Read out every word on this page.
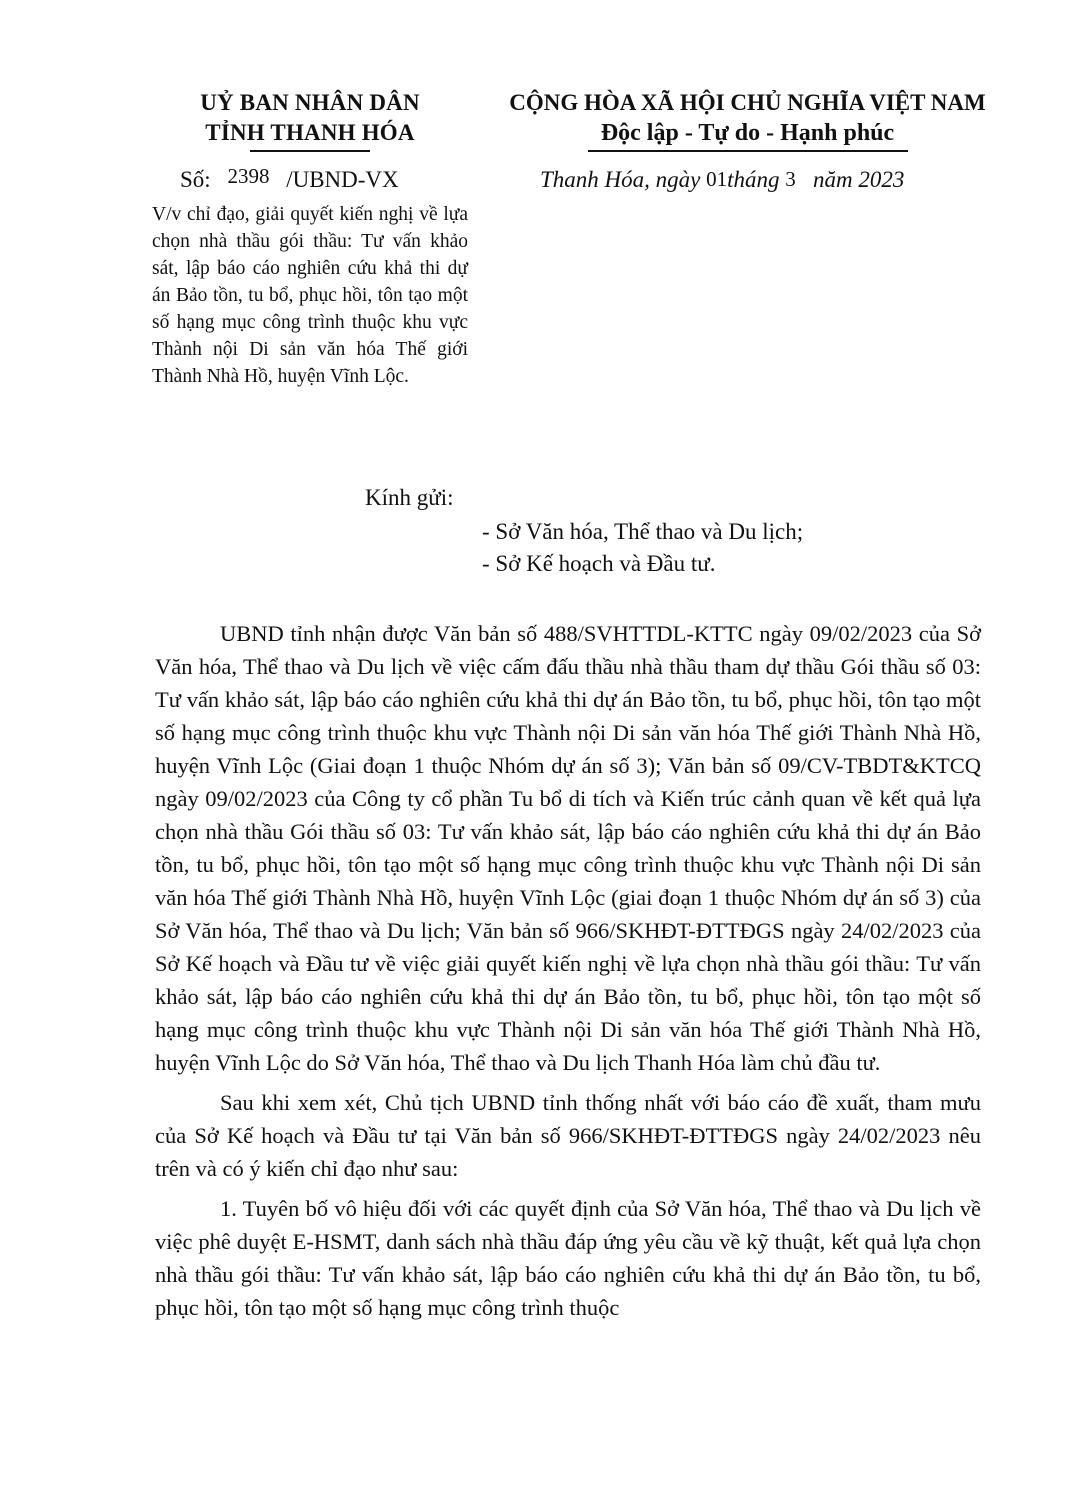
UỶ BAN NHÂN DÂN
TỈNH THANH HÓA
CỘNG HÒA XÃ HỘI CHỦ NGHĨA VIỆT NAM
Độc lập - Tự do - Hạnh phúc
Số: 2398 /UBND-VX	Thanh Hóa, ngày 01tháng 3 năm 2023
V/v chỉ đạo, giải quyết kiến nghị về lựa chọn nhà thầu gói thầu: Tư vấn khảo sát, lập báo cáo nghiên cứu khả thi dự án Bảo tồn, tu bổ, phục hồi, tôn tạo một số hạng mục công trình thuộc khu vực Thành nội Di sản văn hóa Thế giới Thành Nhà Hồ, huyện Vĩnh Lộc.
Kính gửi:
- Sở Văn hóa, Thể thao và Du lịch;
- Sở Kế hoạch và Đầu tư.

UBND tỉnh nhận được Văn bản số 488/SVHTTDL-KTTC ngày 09/02/2023 của Sở Văn hóa, Thể thao và Du lịch về việc cấm đấu thầu nhà thầu tham dự thầu Gói thầu số 03: Tư vấn khảo sát, lập báo cáo nghiên cứu khả thi dự án Bảo tồn, tu bổ, phục hồi, tôn tạo một số hạng mục công trình thuộc khu vực Thành nội Di sản văn hóa Thế giới Thành Nhà Hồ, huyện Vĩnh Lộc (Giai đoạn 1 thuộc Nhóm dự án số 3); Văn bản số 09/CV-TBDT&KTCQ ngày 09/02/2023 của Công ty cổ phần Tu bổ di tích và Kiến trúc cảnh quan về kết quả lựa chọn nhà thầu Gói thầu số 03: Tư vấn khảo sát, lập báo cáo nghiên cứu khả thi dự án Bảo tồn, tu bổ, phục hồi, tôn tạo một số hạng mục công trình thuộc khu vực Thành nội Di sản văn hóa Thế giới Thành Nhà Hồ, huyện Vĩnh Lộc (giai đoạn 1 thuộc Nhóm dự án số 3) của Sở Văn hóa, Thể thao và Du lịch; Văn bản số 966/SKHĐT-ĐTTĐGS ngày 24/02/2023 của Sở Kế hoạch và Đầu tư về việc giải quyết kiến nghị về lựa chọn nhà thầu gói thầu: Tư vấn khảo sát, lập báo cáo nghiên cứu khả thi dự án Bảo tồn, tu bổ, phục hồi, tôn tạo một số hạng mục công trình thuộc khu vực Thành nội Di sản văn hóa Thế giới Thành Nhà Hồ, huyện Vĩnh Lộc do Sở Văn hóa, Thể thao và Du lịch Thanh Hóa làm chủ đầu tư.

Sau khi xem xét, Chủ tịch UBND tỉnh thống nhất với báo cáo đề xuất, tham mưu của Sở Kế hoạch và Đầu tư tại Văn bản số 966/SKHĐT-ĐTTĐGS ngày 24/02/2023 nêu trên và có ý kiến chỉ đạo như sau:

1. Tuyên bố vô hiệu đối với các quyết định của Sở Văn hóa, Thể thao và Du lịch về việc phê duyệt E-HSMT, danh sách nhà thầu đáp ứng yêu cầu về kỹ thuật, kết quả lựa chọn nhà thầu gói thầu: Tư vấn khảo sát, lập báo cáo nghiên cứu khả thi dự án Bảo tồn, tu bổ, phục hồi, tôn tạo một số hạng mục công trình thuộc
